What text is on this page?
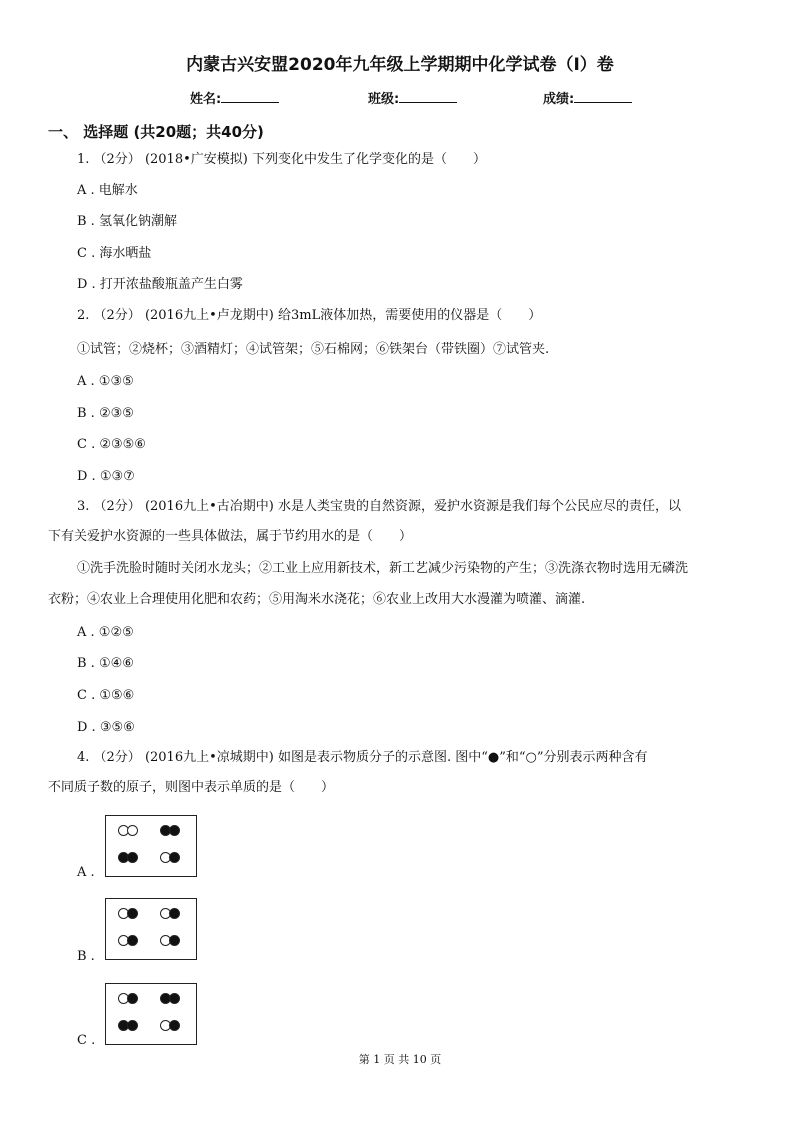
内蒙古兴安盟2020年九年级上学期期中化学试卷（I）卷
姓名:	班级:	成绩:
一、 选择题 (共20题；共40分)
1. （2分） (2018•广安模拟) 下列变化中发生了化学变化的是（　　）
A . 电解水
B . 氢氧化钠潮解
C . 海水晒盐
D . 打开浓盐酸瓶盖产生白雾
2. （2分） (2016九上•卢龙期中) 给3mL液体加热，需要使用的仪器是（　　）
①试管；②烧杯；③酒精灯；④试管架；⑤石棉网；⑥铁架台（带铁圈）⑦试管夹.
A . ①③⑤
B . ②③⑤
C . ②③⑤⑥
D . ①③⑦
3. （2分） (2016九上•古冶期中) 水是人类宝贵的自然资源，爱护水资源是我们每个公民应尽的责任，以
下有关爱护水资源的一些具体做法，属于节约用水的是（　　）
①洗手洗脸时随时关闭水龙头；②工业上应用新技术，新工艺减少污染物的产生；③洗涤衣物时选用无磷洗
衣粉；④农业上合理使用化肥和农药；⑤用淘米水浇花；⑥农业上改用大水漫灌为喷灌、滴灌.
A . ①②⑤
B . ①④⑥
C . ①⑤⑥
D . ③⑤⑥
4. （2分） (2016九上•凉城期中) 如图是表示物质分子的示意图. 图中“●”和“○”分别表示两种含有
不同质子数的原子，则图中表示单质的是（　　）
A .
B .
C .
第 1 页 共 10 页
